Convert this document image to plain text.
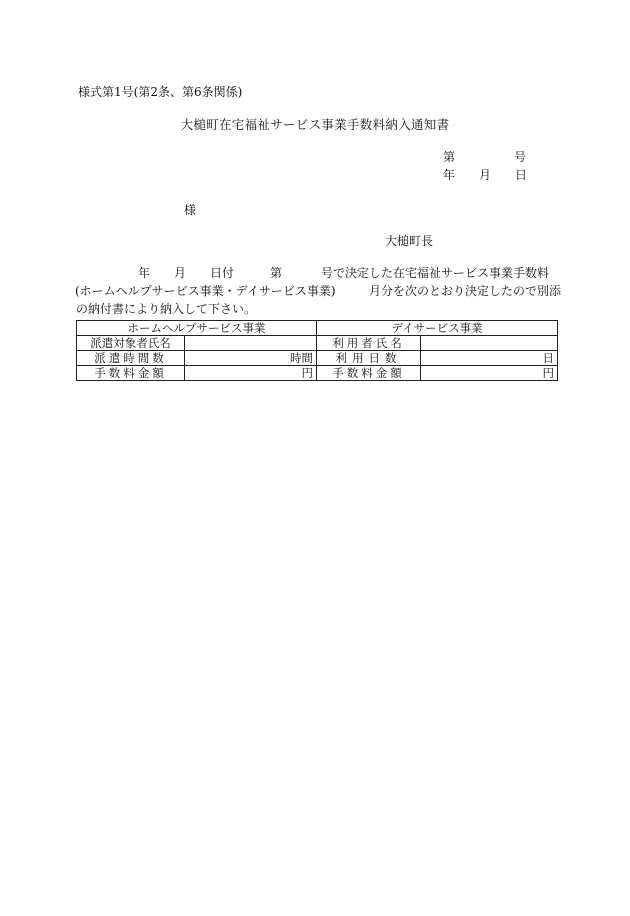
様式第1号(第2条、第6条関係)
大槌町在宅福祉サービス事業手数料納入通知書
第	号
年 月 日
様
大槌町長
年 月 日付	第	号で決定した在宅福祉サービス事業手数料
(ホームヘルプサービス事業・デイサービス事業)	月分を次のとおり決定したので別添
の納付書により納入して下さい。
ホームヘルプサービス事業		デイサービス事業	
派遣対象者氏名		利用者氏名	
派遣時間数	時間	利用日数	日
手数料金額	円	手数料金額	円
